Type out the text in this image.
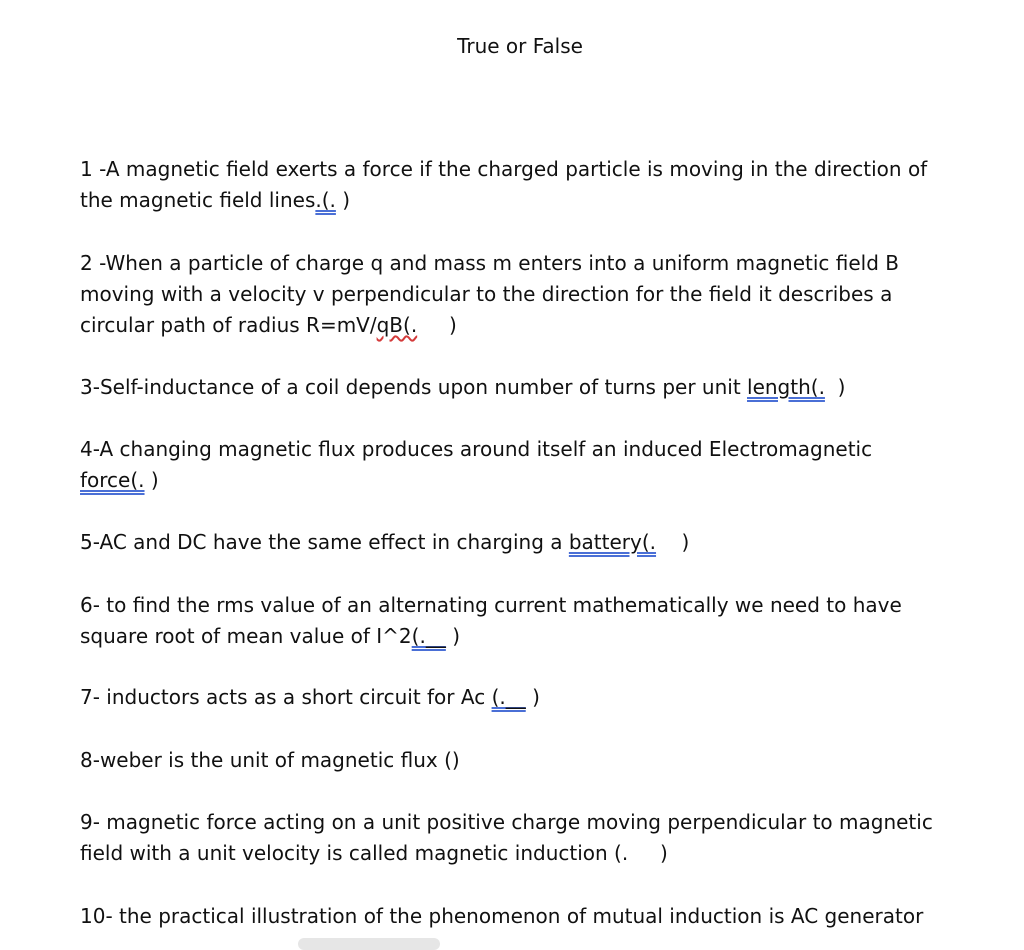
True or False
1 -A magnetic field exerts a force if the charged particle is moving in the direction of
the magnetic field lines.(. )
2 -When a particle of charge q and mass m enters into a uniform magnetic field B
moving with a velocity v perpendicular to the direction for the field it describes a
circular path of radius R=mV/qB(.     )
3-Self-inductance of a coil depends upon number of turns per unit length(.  )
4-A changing magnetic flux produces around itself an induced Electromagnetic
force(. )
5-AC and DC have the same effect in charging a battery(.    )
6- to find the rms value of an alternating current mathematically we need to have
square root of mean value of I^2(.__ )
7- inductors acts as a short circuit for Ac (.__ )
8-weber is the unit of magnetic flux ()
9- magnetic force acting on a unit positive charge moving perpendicular to magnetic
field with a unit velocity is called magnetic induction (.     )
10- the practical illustration of the phenomenon of mutual induction is AC generator
